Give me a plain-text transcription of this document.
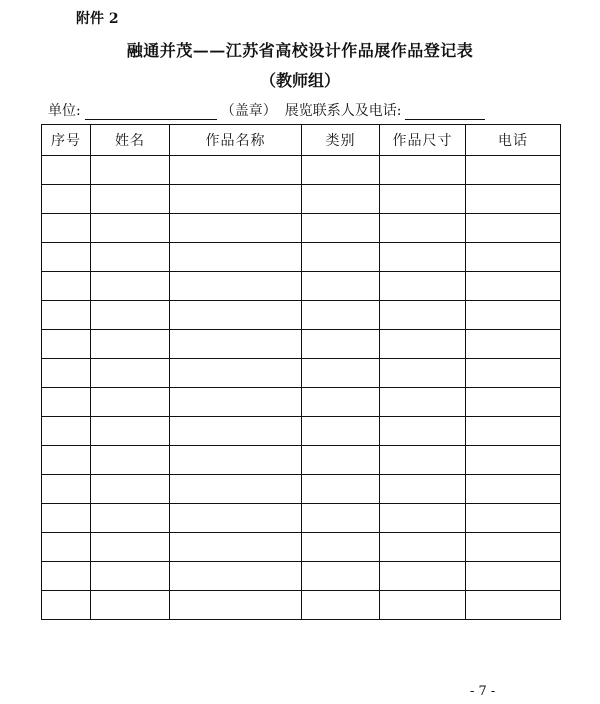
附件 2
融通并茂——江苏省高校设计作品展作品登记表
（教师组）
单位:	（盖章） 展览联系人及电话:
序号	姓名	作品名称	类别	作品尺寸	电话

- 7 -
